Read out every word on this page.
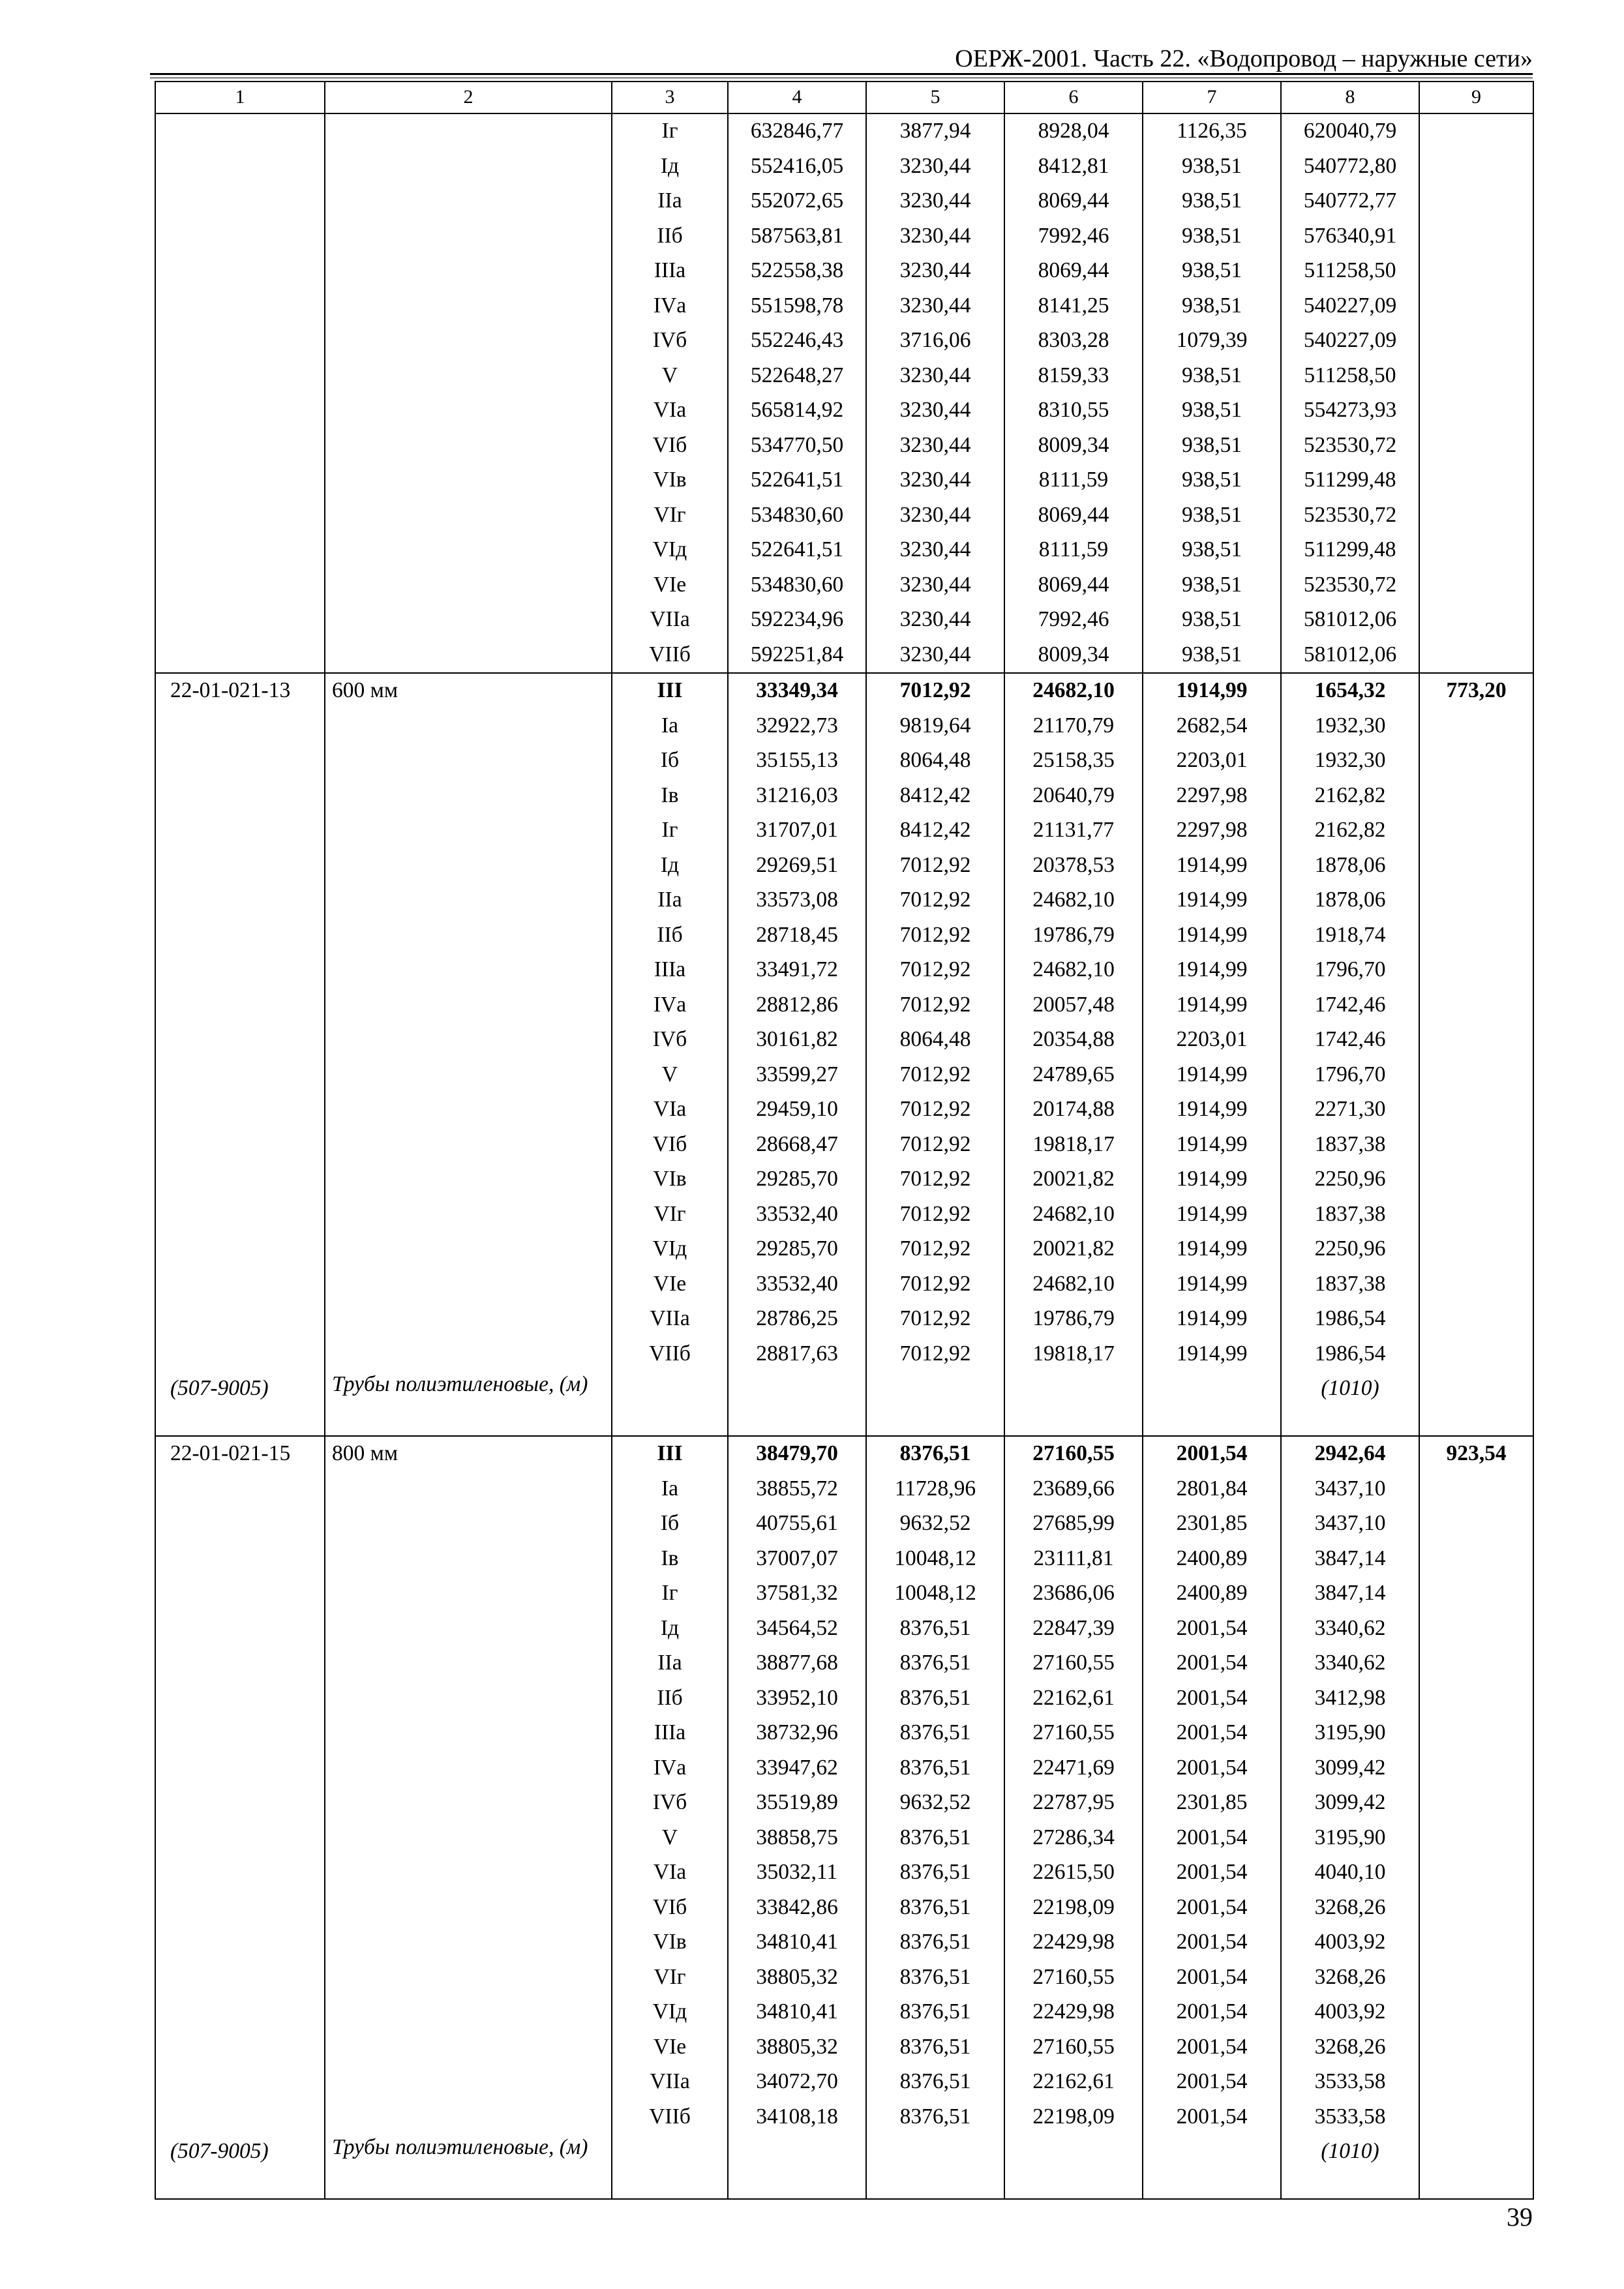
ОЕРЖ-2001. Часть 22. «Водопровод – наружные сети»
1	2	3	4	5	6	7	8	9
		Iг	632846,77	3877,94	8928,04	1126,35	620040,79	
		Iд	552416,05	3230,44	8412,81	938,51	540772,80	
		IIа	552072,65	3230,44	8069,44	938,51	540772,77	
		IIб	587563,81	3230,44	7992,46	938,51	576340,91	
		IIIа	522558,38	3230,44	8069,44	938,51	511258,50	
		IVа	551598,78	3230,44	8141,25	938,51	540227,09	
		IVб	552246,43	3716,06	8303,28	1079,39	540227,09	
		V	522648,27	3230,44	8159,33	938,51	511258,50	
		VIа	565814,92	3230,44	8310,55	938,51	554273,93	
		VIб	534770,50	3230,44	8009,34	938,51	523530,72	
		VIв	522641,51	3230,44	8111,59	938,51	511299,48	
		VIг	534830,60	3230,44	8069,44	938,51	523530,72	
		VIд	522641,51	3230,44	8111,59	938,51	511299,48	
		VIе	534830,60	3230,44	8069,44	938,51	523530,72	
		VIIа	592234,96	3230,44	7992,46	938,51	581012,06	
		VIIб	592251,84	3230,44	8009,34	938,51	581012,06	
22-01-021-13	600 мм	III	33349,34	7012,92	24682,10	1914,99	1654,32	773,20
		Iа	32922,73	9819,64	21170,79	2682,54	1932,30	
		Iб	35155,13	8064,48	25158,35	2203,01	1932,30	
		Iв	31216,03	8412,42	20640,79	2297,98	2162,82	
		Iг	31707,01	8412,42	21131,77	2297,98	2162,82	
		Iд	29269,51	7012,92	20378,53	1914,99	1878,06	
		IIа	33573,08	7012,92	24682,10	1914,99	1878,06	
		IIб	28718,45	7012,92	19786,79	1914,99	1918,74	
		IIIа	33491,72	7012,92	24682,10	1914,99	1796,70	
		IVа	28812,86	7012,92	20057,48	1914,99	1742,46	
		IVб	30161,82	8064,48	20354,88	2203,01	1742,46	
		V	33599,27	7012,92	24789,65	1914,99	1796,70	
		VIа	29459,10	7012,92	20174,88	1914,99	2271,30	
		VIб	28668,47	7012,92	19818,17	1914,99	1837,38	
		VIв	29285,70	7012,92	20021,82	1914,99	2250,96	
		VIг	33532,40	7012,92	24682,10	1914,99	1837,38	
		VIд	29285,70	7012,92	20021,82	1914,99	2250,96	
		VIе	33532,40	7012,92	24682,10	1914,99	1837,38	
		VIIа	28786,25	7012,92	19786,79	1914,99	1986,54	
		VIIб	28817,63	7012,92	19818,17	1914,99	1986,54	
(507-9005)	Трубы полиэтиленовые, (м)						(1010)	
22-01-021-15	800 мм	III	38479,70	8376,51	27160,55	2001,54	2942,64	923,54
		Iа	38855,72	11728,96	23689,66	2801,84	3437,10	
		Iб	40755,61	9632,52	27685,99	2301,85	3437,10	
		Iв	37007,07	10048,12	23111,81	2400,89	3847,14	
		Iг	37581,32	10048,12	23686,06	2400,89	3847,14	
		Iд	34564,52	8376,51	22847,39	2001,54	3340,62	
		IIа	38877,68	8376,51	27160,55	2001,54	3340,62	
		IIб	33952,10	8376,51	22162,61	2001,54	3412,98	
		IIIа	38732,96	8376,51	27160,55	2001,54	3195,90	
		IVа	33947,62	8376,51	22471,69	2001,54	3099,42	
		IVб	35519,89	9632,52	22787,95	2301,85	3099,42	
		V	38858,75	8376,51	27286,34	2001,54	3195,90	
		VIа	35032,11	8376,51	22615,50	2001,54	4040,10	
		VIб	33842,86	8376,51	22198,09	2001,54	3268,26	
		VIв	34810,41	8376,51	22429,98	2001,54	4003,92	
		VIг	38805,32	8376,51	27160,55	2001,54	3268,26	
		VIд	34810,41	8376,51	22429,98	2001,54	4003,92	
		VIе	38805,32	8376,51	27160,55	2001,54	3268,26	
		VIIа	34072,70	8376,51	22162,61	2001,54	3533,58	
		VIIб	34108,18	8376,51	22198,09	2001,54	3533,58	
(507-9005)	Трубы полиэтиленовые, (м)						(1010)	
39
